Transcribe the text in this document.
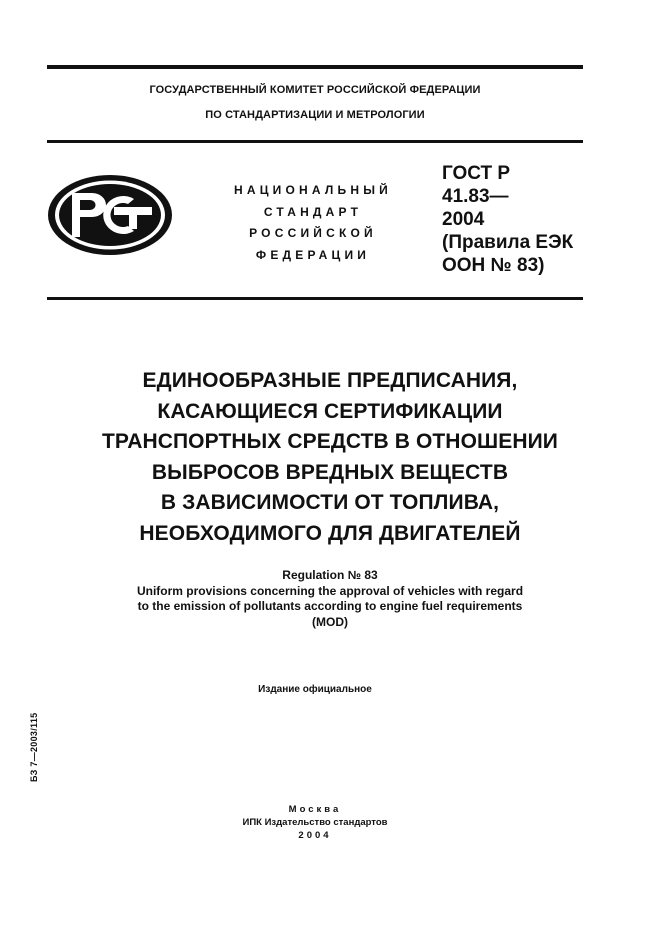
ГОСУДАРСТВЕННЫЙ КОМИТЕТ РОССИЙСКОЙ ФЕДЕРАЦИИ
ПО СТАНДАРТИЗАЦИИ И МЕТРОЛОГИИ
НАЦИОНАЛЬНЫЙ
СТАНДАРТ
РОССИЙСКОЙ
ФЕДЕРАЦИИ
ГОСТ Р
41.83—
2004
(Правила ЕЭК
ООН № 83)
ЕДИНООБРАЗНЫЕ ПРЕДПИСАНИЯ,
КАСАЮЩИЕСЯ СЕРТИФИКАЦИИ
ТРАНСПОРТНЫХ СРЕДСТВ В ОТНОШЕНИИ
ВЫБРОСОВ ВРЕДНЫХ ВЕЩЕСТВ
В ЗАВИСИМОСТИ ОТ ТОПЛИВА,
НЕОБХОДИМОГО ДЛЯ ДВИГАТЕЛЕЙ
Regulation № 83
Uniform provisions concerning the approval of vehicles with regard
to the emission of pollutants according to engine fuel requirements
(MOD)
Издание официальное
БЗ 7—2003/115
Москва
ИПК Издательство стандартов
2004
